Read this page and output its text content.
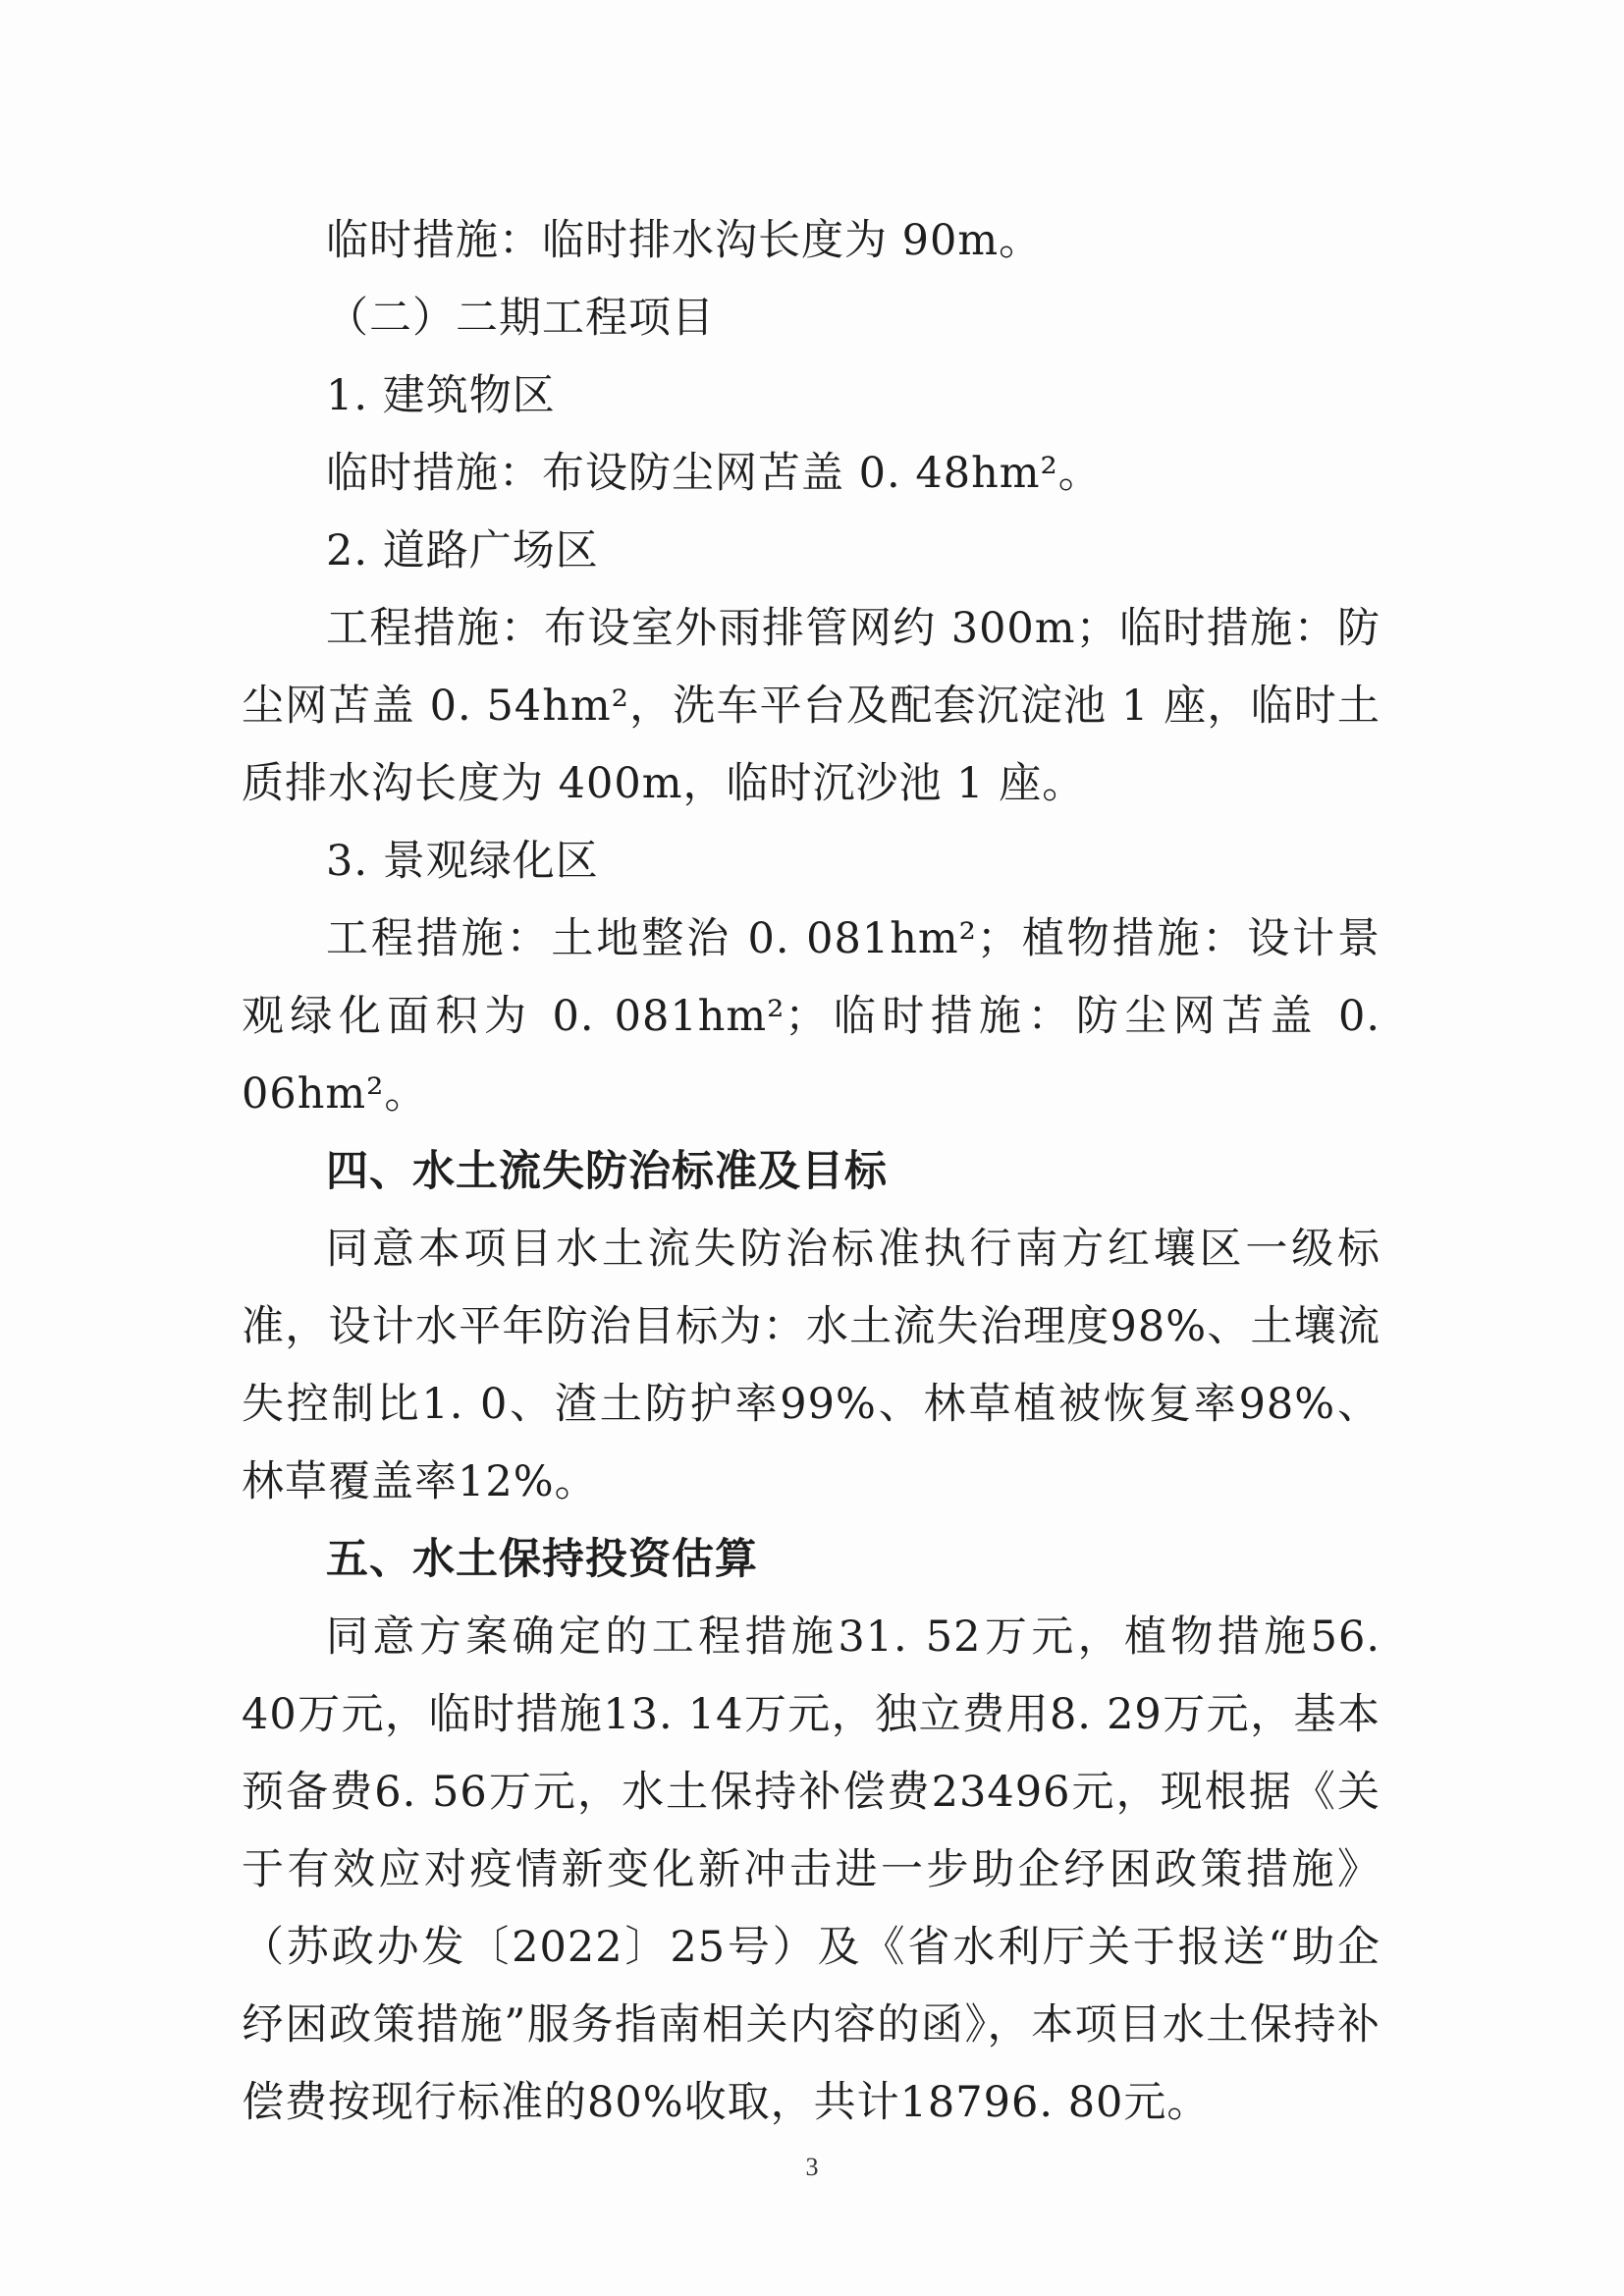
临时措施：临时排水沟长度为 90m。

（二）二期工程项目

1. 建筑物区

临时措施：布设防尘网苫盖 0. 48hm²。

2. 道路广场区

工程措施：布设室外雨排管网约 300m；临时措施：防尘网苫盖 0. 54hm²，洗车平台及配套沉淀池 1 座，临时土质排水沟长度为 400m，临时沉沙池 1 座。

3. 景观绿化区

工程措施：土地整治 0. 081hm²；植物措施：设计景观绿化面积为 0. 081hm²；临时措施：防尘网苫盖 0. 06hm²。

四、水土流失防治标准及目标

同意本项目水土流失防治标准执行南方红壤区一级标准，设计水平年防治目标为：水土流失治理度98%、土壤流失控制比1. 0、渣土防护率99%、林草植被恢复率98%、林草覆盖率12%。

五、水土保持投资估算

同意方案确定的工程措施31. 52万元，植物措施56. 40万元，临时措施13. 14万元，独立费用8. 29万元，基本预备费6. 56万元，水土保持补偿费23496元，现根据《关于有效应对疫情新变化新冲击进一步助企纾困政策措施》（苏政办发〔2022〕25号）及《省水利厅关于报送“助企纾困政策措施”服务指南相关内容的函》，本项目水土保持补偿费按现行标准的80%收取，共计18796. 80元。

3
